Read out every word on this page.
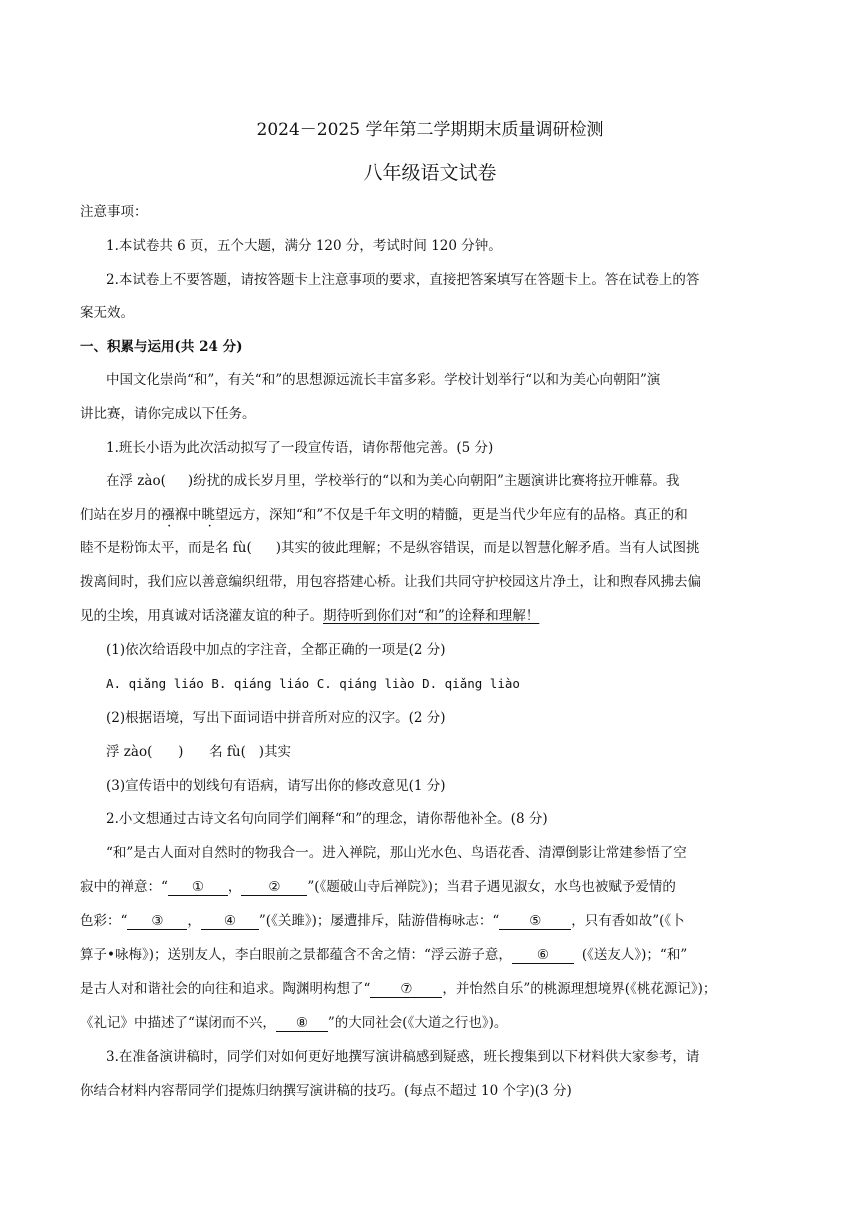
2024－2025 学年第二学期期末质量调研检测
八年级语文试卷
注意事项：
1.本试卷共 6 页，五个大题，满分 120 分，考试时间 120 分钟。
2.本试卷上不要答题，请按答题卡上注意事项的要求，直接把答案填写在答题卡上。答在试卷上的答
案无效。
一、积累与运用(共 24 分)
中国文化崇尚“和”，有关“和”的思想源远流长丰富多彩。学校计划举行“以和为美心向朝阳”演
讲比赛，请你完成以下任务。
1.班长小语为此次活动拟写了一段宣传语，请你帮他完善。(5 分)
在浮 zào( )纷扰的成长岁月里，学校举行的“以和为美心向朝阳”主题演讲比赛将拉开帷幕。我
们站在岁月的襁褓中眺望远方，深知“和”不仅是千年文明的精髓，更是当代少年应有的品格。真正的和
睦不是粉饰太平，而是名 fù( )其实的彼此理解；不是纵容错误，而是以智慧化解矛盾。当有人试图挑
拨离间时，我们应以善意编织纽带，用包容搭建心桥。让我们共同守护校园这片净土，让和煦春风拂去偏
见的尘埃，用真诚对话浇灌友谊的种子。期待听到你们对“和”的诠释和理解！
(1)依次给语段中加点的字注音，全都正确的一项是(2 分)
A. qiǎng liáo B. qiáng liáo C. qiáng liào D. qiǎng liào
(2)根据语境，写出下面词语中拼音所对应的汉字。(2 分)
浮 zào(      )      名 fù(   )其实
(3)宣传语中的划线句有语病，请写出你的修改意见(1 分)
2.小文想通过古诗文名句向同学们阐释“和”的理念，请你帮他补全。(8 分)
“和”是古人面对自然时的物我合一。进入禅院，那山光水色、鸟语花香、清潭倒影让常建参悟了空
寂中的禅意：“ ① ， ② ”(《题破山寺后禅院》)；当君子遇见淑女，水鸟也被赋予爱情的
色彩：“ ③ ， ④ ”(《关雎》)；屡遭排斥，陆游借梅咏志：“ ⑤ ，只有香如故”(《卜
算子•咏梅》)；送别友人，李白眼前之景都蕴含不舍之情：“浮云游子意， ⑥ (《送友人》)；“和”
是古人对和谐社会的向往和追求。陶渊明构想了“ ⑦ ，并怡然自乐”的桃源理想境界(《桃花源记》)；
《礼记》中描述了“谋闭而不兴， ⑧ ”的大同社会(《大道之行也》)。
3.在准备演讲稿时，同学们对如何更好地撰写演讲稿感到疑惑，班长搜集到以下材料供大家参考，请
你结合材料内容帮同学们提炼归纳撰写演讲稿的技巧。(每点不超过 10 个字)(3 分)
